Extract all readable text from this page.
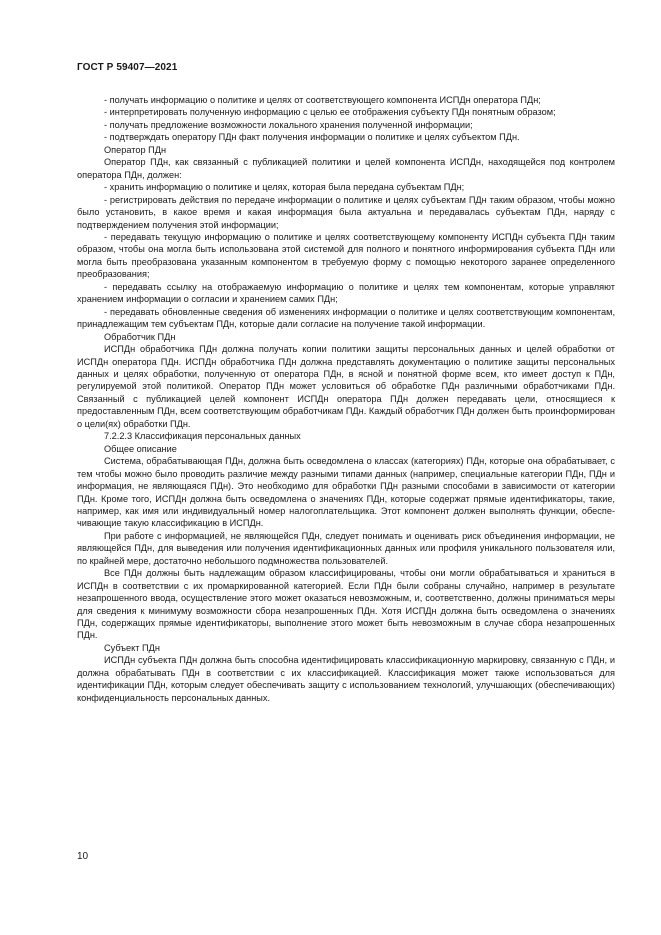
ГОСТ Р 59407—2021

- получать информацию о политике и целях от соответствующего компонента ИСПДн оператора ПДн;

- интерпретировать полученную информацию с целью ее отображения субъекту ПДн понятным образом;

- получать предложение возможности локального хранения полученной информации;

- подтверждать оператору ПДн факт получения информации о политике и целях субъектом ПДн.

Оператор ПДн

Оператор ПДн, как связанный с публикацией политики и целей компонента ИСПДн, находящейся под контролем оператора ПДн, должен:

- хранить информацию о политике и целях, которая была передана субъектам ПДн;

- регистрировать действия по передаче информации о политике и целях субъектам ПДн таким образом, чтобы можно было установить, в какое время и какая информация была актуальна и передавалась субъектам ПДн, наряду с подтверждением получения этой информации;

- передавать текущую информацию о политике и целях соответствующему компоненту ИСПДн субъекта ПДн таким образом, чтобы она могла быть использована этой системой для полного и понятного информирования субъекта ПДн или могла быть преобразована указанным компонентом в требуемую форму с помощью некоторого заранее определенного преобразования;

- передавать ссылку на отображаемую информацию о политике и целях тем компонентам, которые управляют хранением информации о согласии и хранением самих ПДн;

- передавать обновленные сведения об изменениях информации о политике и целях соответствующим компонентам, принадлежащим тем субъектам ПДн, которые дали согласие на получение такой информации.

Обработчик ПДн

ИСПДн обработчика ПДн должна получать копии политики защиты персональных данных и целей обработки от ИСПДн оператора ПДн. ИСПДн обработчика ПДн должна представлять документацию о политике защиты персональных данных и целях обработки, полученную от оператора ПДн, в ясной и понятной форме всем, кто имеет доступ к ПДн, регулируемой этой политикой. Оператор ПДн может условиться об обработке ПДн различными обработчиками ПДн. Связанный с публикацией целей компонент ИСПДн оператора ПДн должен передавать цели, относящиеся к предоставленным ПДн, всем соответствующим обработчикам ПДн. Каждый обработчик ПДн должен быть проинформирован о цели(ях) обработки ПДн.

7.2.2.3 Классификация персональных данных

Общее описание

Система, обрабатывающая ПДн, должна быть осведомлена о классах (категориях) ПДн, которые она обрабатывает, с тем чтобы можно было проводить различие между разными типами данных (например, специальные категории ПДн, ПДн и информация, не являющаяся ПДн). Это необходимо для обработки ПДн разными способами в зависимости от категории ПДн. Кроме того, ИСПДн должна быть осведомлена о значениях ПДн, которые содержат прямые идентификаторы, такие, например, как имя или индивидуальный номер налогоплательщика. Этот компонент должен выполнять функции, обеспечивающие такую классификацию в ИСПДн.

При работе с информацией, не являющейся ПДн, следует понимать и оценивать риск объединения информации, не являющейся ПДн, для выведения или получения идентификационных данных или профиля уникального пользователя или, по крайней мере, достаточно небольшого подмножества пользователей.

Все ПДн должны быть надлежащим образом классифицированы, чтобы они могли обрабатываться и храниться в ИСПДн в соответствии с их промаркированной категорией. Если ПДн были собраны случайно, например в результате незапрошенного ввода, осуществление этого может оказаться невозможным, и, соответственно, должны приниматься меры для сведения к минимуму возможности сбора незапрошенных ПДн. Хотя ИСПДн должна быть осведомлена о значениях ПДн, содержащих прямые идентификаторы, выполнение этого может быть невозможным в случае сбора незапрошенных ПДн.

Субъект ПДн

ИСПДн субъекта ПДн должна быть способна идентифицировать классификационную маркировку, связанную с ПДн, и должна обрабатывать ПДн в соответствии с их классификацией. Классификация может также использоваться для идентификации ПДн, которым следует обеспечивать защиту с использованием технологий, улучшающих (обеспечивающих) конфиденциальность персональных данных.

10
